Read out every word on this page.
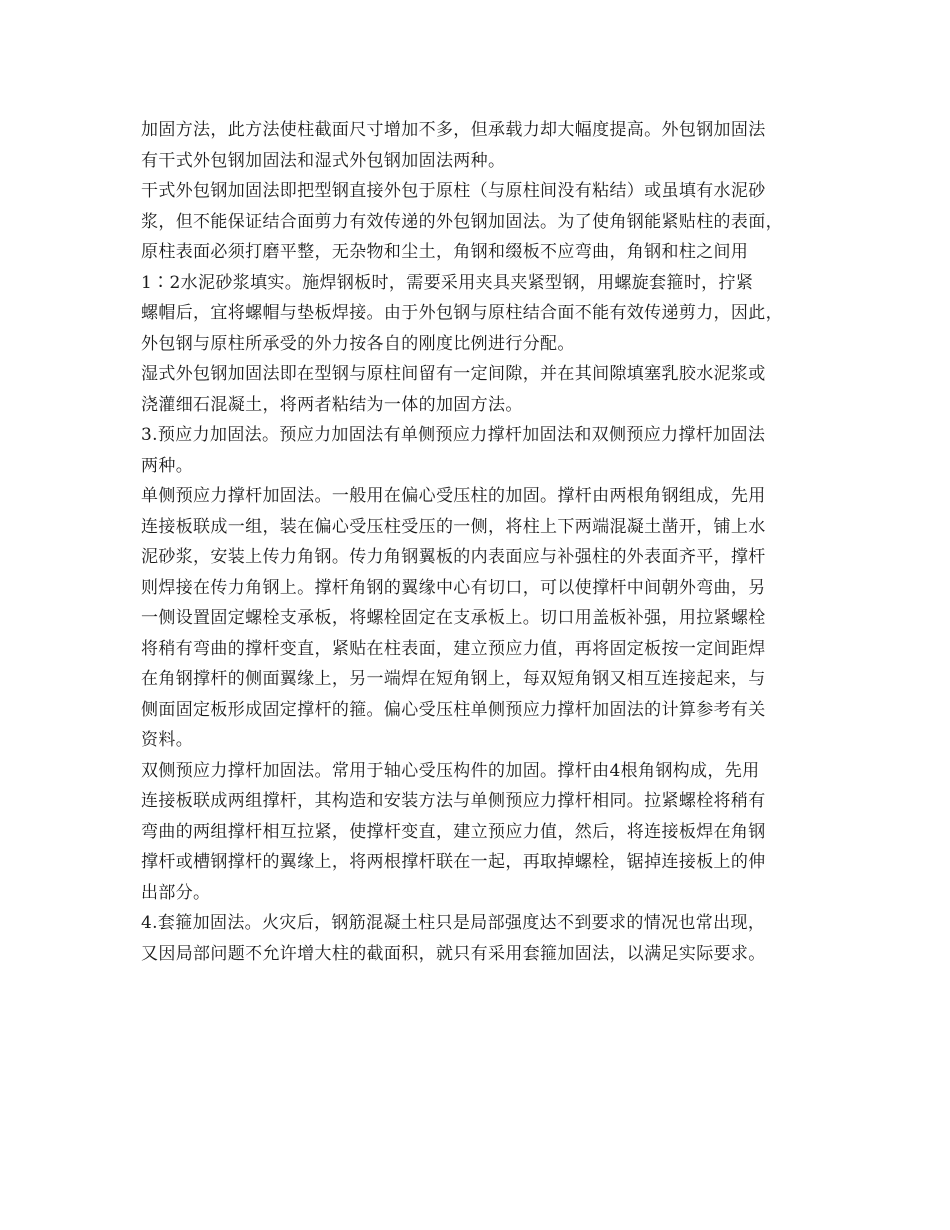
加固方法，此方法使柱截面尺寸增加不多，但承载力却大幅度提高。外包钢加固法
有干式外包钢加固法和湿式外包钢加固法两种。

干式外包钢加固法即把型钢直接外包于原柱（与原柱间没有粘结）或虽填有水泥砂
浆，但不能保证结合面剪力有效传递的外包钢加固法。为了使角钢能紧贴柱的表面，
原柱表面必须打磨平整，无杂物和尘土，角钢和缀板不应弯曲，角钢和柱之间用
1∶2水泥砂浆填实。施焊钢板时，需要采用夹具夹紧型钢，用螺旋套箍时，拧紧
螺帽后，宜将螺帽与垫板焊接。由于外包钢与原柱结合面不能有效传递剪力，因此，
外包钢与原柱所承受的外力按各自的刚度比例进行分配。

湿式外包钢加固法即在型钢与原柱间留有一定间隙，并在其间隙填塞乳胶水泥浆或
浇灌细石混凝土，将两者粘结为一体的加固方法。

3.预应力加固法。预应力加固法有单侧预应力撑杆加固法和双侧预应力撑杆加固法
两种。

单侧预应力撑杆加固法。一般用在偏心受压柱的加固。撑杆由两根角钢组成，先用
连接板联成一组，装在偏心受压柱受压的一侧，将柱上下两端混凝土凿开，铺上水
泥砂浆，安装上传力角钢。传力角钢翼板的内表面应与补强柱的外表面齐平，撑杆
则焊接在传力角钢上。撑杆角钢的翼缘中心有切口，可以使撑杆中间朝外弯曲，另
一侧设置固定螺栓支承板，将螺栓固定在支承板上。切口用盖板补强，用拉紧螺栓
将稍有弯曲的撑杆变直，紧贴在柱表面，建立预应力值，再将固定板按一定间距焊
在角钢撑杆的侧面翼缘上，另一端焊在短角钢上，每双短角钢又相互连接起来，与
侧面固定板形成固定撑杆的箍。偏心受压柱单侧预应力撑杆加固法的计算参考有关
资料。

双侧预应力撑杆加固法。常用于轴心受压构件的加固。撑杆由4根角钢构成，先用
连接板联成两组撑杆，其构造和安装方法与单侧预应力撑杆相同。拉紧螺栓将稍有
弯曲的两组撑杆相互拉紧，使撑杆变直，建立预应力值，然后，将连接板焊在角钢
撑杆或槽钢撑杆的翼缘上，将两根撑杆联在一起，再取掉螺栓，锯掉连接板上的伸
出部分。

4.套箍加固法。火灾后，钢筋混凝土柱只是局部强度达不到要求的情况也常出现，
又因局部问题不允许增大柱的截面积，就只有采用套箍加固法，以满足实际要求。
